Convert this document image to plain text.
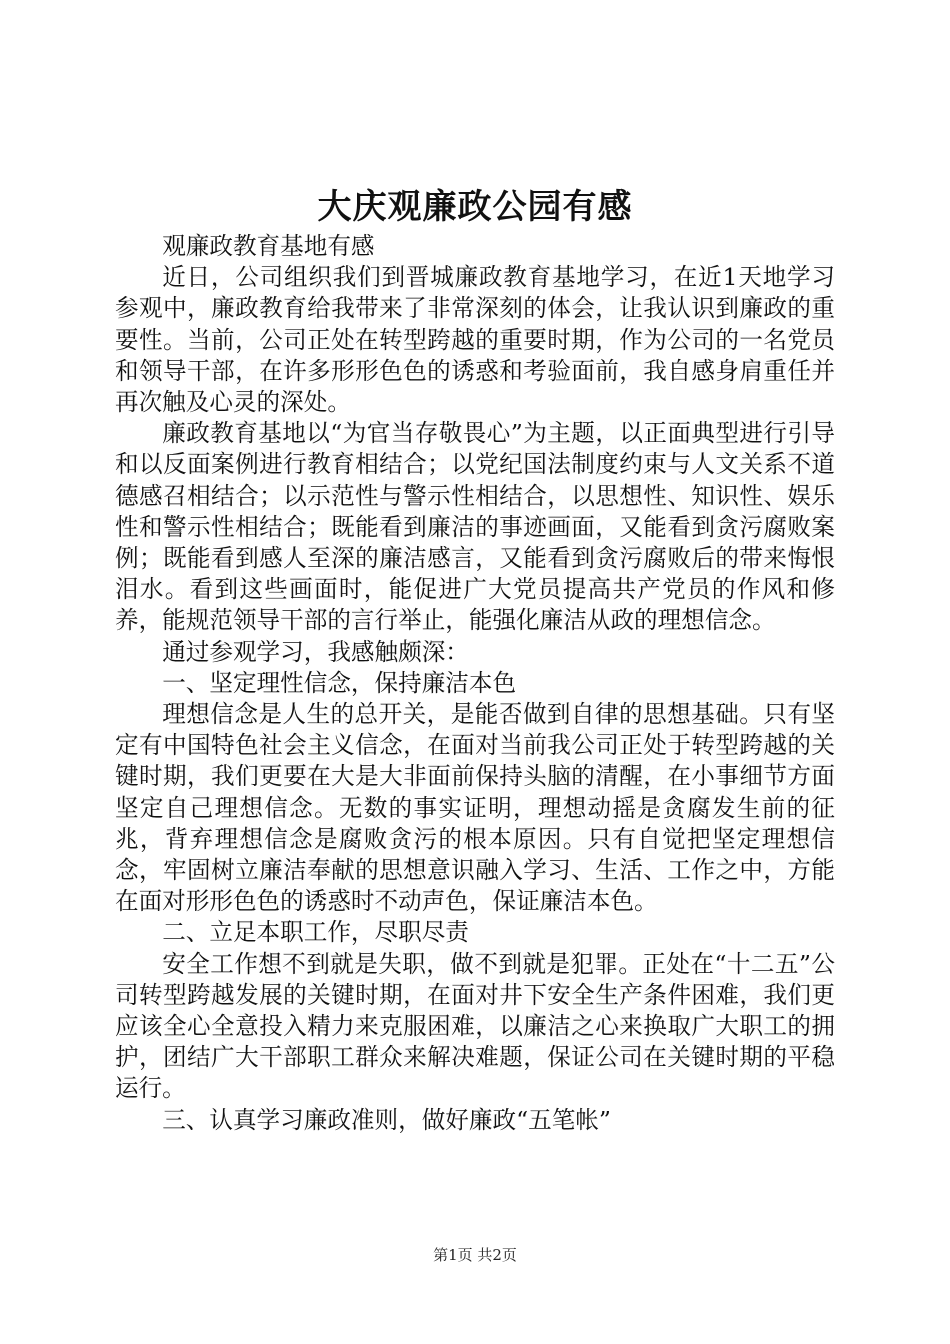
大庆观廉政公园有感

观廉政教育基地有感

近日，公司组织我们到晋城廉政教育基地学习，在近1天地学习参观中，廉政教育给我带来了非常深刻的体会，让我认识到廉政的重要性。当前，公司正处在转型跨越的重要时期，作为公司的一名党员和领导干部，在许多形形色色的诱惑和考验面前，我自感身肩重任并再次触及心灵的深处。

廉政教育基地以“为官当存敬畏心”为主题，以正面典型进行引导和以反面案例进行教育相结合；以党纪国法制度约束与人文关系不道德感召相结合；以示范性与警示性相结合，以思想性、知识性、娱乐性和警示性相结合；既能看到廉洁的事迹画面，又能看到贪污腐败案例；既能看到感人至深的廉洁感言，又能看到贪污腐败后的带来悔恨泪水。看到这些画面时，能促进广大党员提高共产党员的作风和修养，能规范领导干部的言行举止，能强化廉洁从政的理想信念。

通过参观学习，我感触颇深：

一、坚定理性信念，保持廉洁本色

理想信念是人生的总开关，是能否做到自律的思想基础。只有坚定有中国特色社会主义信念，在面对当前我公司正处于转型跨越的关键时期，我们更要在大是大非面前保持头脑的清醒，在小事细节方面坚定自己理想信念。无数的事实证明，理想动摇是贪腐发生前的征兆，背弃理想信念是腐败贪污的根本原因。只有自觉把坚定理想信念，牢固树立廉洁奉献的思想意识融入学习、生活、工作之中，方能在面对形形色色的诱惑时不动声色，保证廉洁本色。

二、立足本职工作，尽职尽责

安全工作想不到就是失职，做不到就是犯罪。正处在“十二五”公司转型跨越发展的关键时期，在面对井下安全生产条件困难，我们更应该全心全意投入精力来克服困难，以廉洁之心来换取广大职工的拥护，团结广大干部职工群众来解决难题，保证公司在关键时期的平稳运行。

三、认真学习廉政准则，做好廉政“五笔帐”

第1页 共2页
